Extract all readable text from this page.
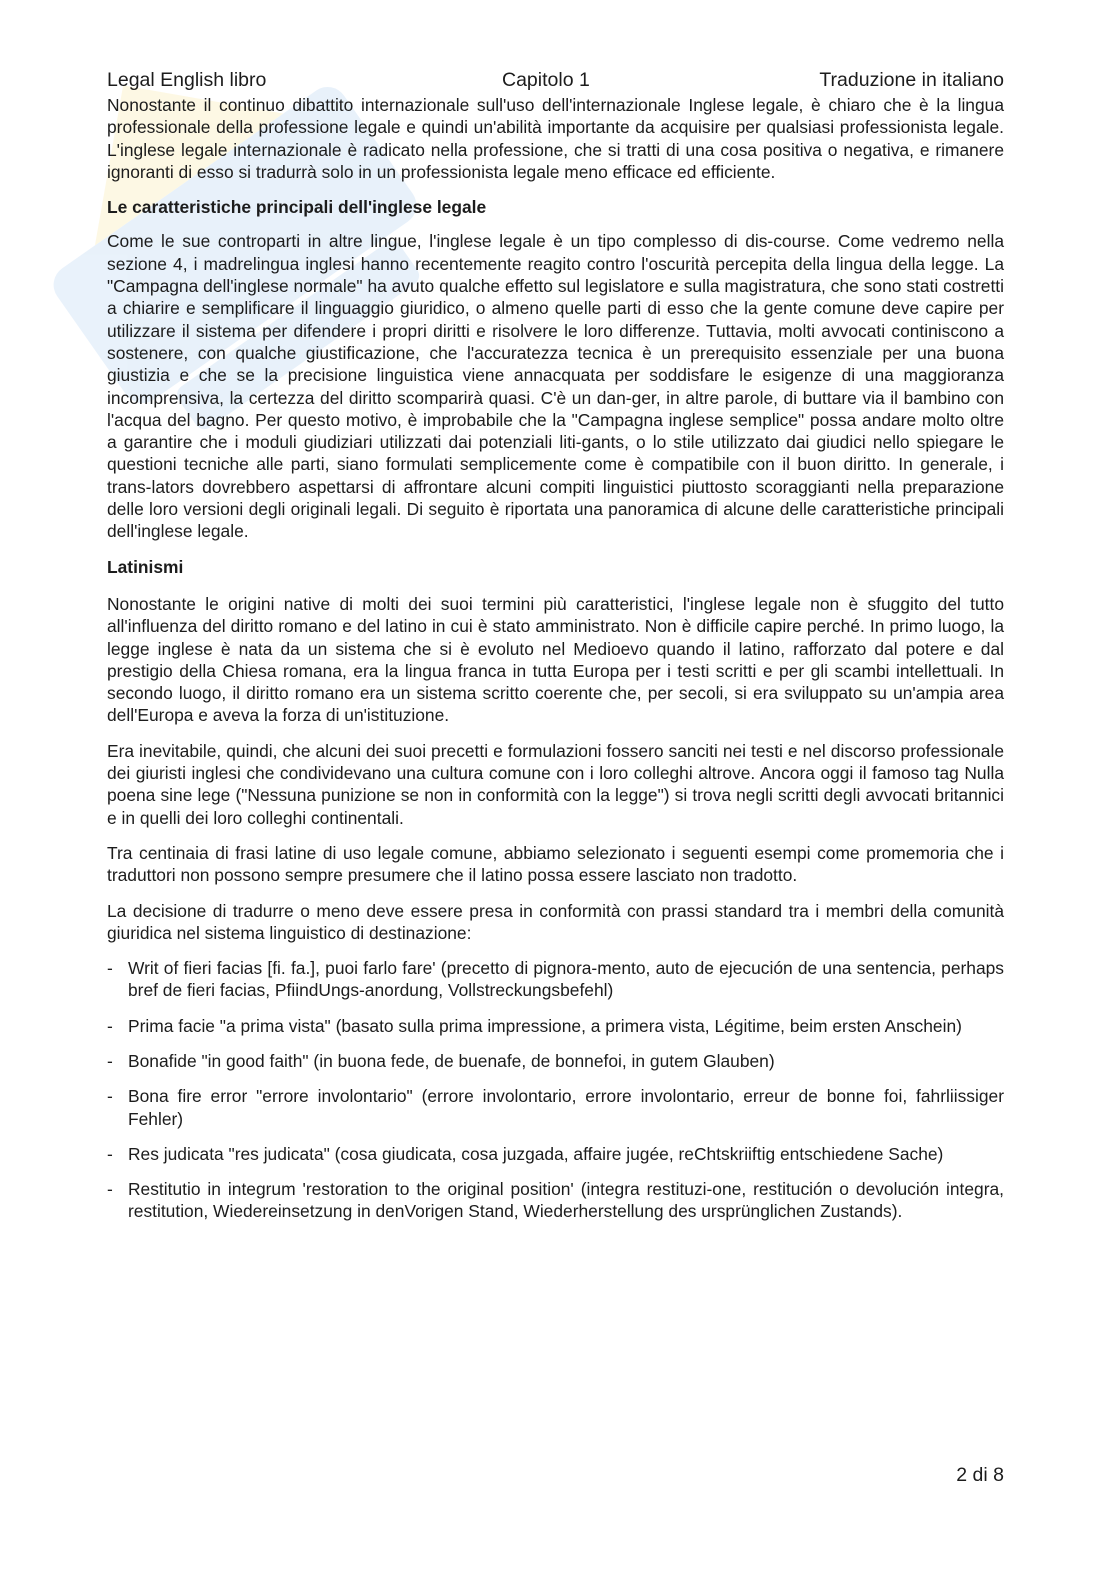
Legal English libro	Capitolo 1	Traduzione in italiano

Nonostante il continuo dibattito internazionale sull'uso dell'internazionale Inglese legale, è chiaro che è la lingua professionale della professione legale e quindi un'abilità importante da acquisire per qualsiasi professionista legale. L'inglese legale internazionale è radicato nella professione, che si tratti di una cosa positiva o negativa, e rimanere ignoranti di esso si tradurrà solo in un professionista legale meno efficace ed efficiente.

Le caratteristiche principali dell'inglese legale

Come le sue controparti in altre lingue, l'inglese legale è un tipo complesso di dis-course. Come vedremo nella sezione 4, i madrelingua inglesi hanno recentemente reagito contro l'oscurità percepita della lingua della legge. La "Campagna dell'inglese normale" ha avuto qualche effetto sul legislatore e sulla magistratura, che sono stati costretti a chiarire e semplificare il linguaggio giuridico, o almeno quelle parti di esso che la gente comune deve capire per utilizzare il sistema per difendere i propri diritti e risolvere le loro differenze. Tuttavia, molti avvocati continiscono a sostenere, con qualche giustificazione, che l'accuratezza tecnica è un prerequisito essenziale per una buona giustizia e che se la precisione linguistica viene annacquata per soddisfare le esigenze di una maggioranza incomprensiva, la certezza del diritto scomparirà quasi. C'è un dan-ger, in altre parole, di buttare via il bambino con l'acqua del bagno. Per questo motivo, è improbabile che la "Campagna inglese semplice" possa andare molto oltre a garantire che i moduli giudiziari utilizzati dai potenziali liti-gants, o lo stile utilizzato dai giudici nello spiegare le questioni tecniche alle parti, siano formulati semplicemente come è compatibile con il buon diritto. In generale, i trans-lators dovrebbero aspettarsi di affrontare alcuni compiti linguistici piuttosto scoraggianti nella preparazione delle loro versioni degli originali legali. Di seguito è riportata una panoramica di alcune delle caratteristiche principali dell'inglese legale.

Latinismi

Nonostante le origini native di molti dei suoi termini più caratteristici, l'inglese legale non è sfuggito del tutto all'influenza del diritto romano e del latino in cui è stato amministrato. Non è difficile capire perché. In primo luogo, la legge inglese è nata da un sistema che si è evoluto nel Medioevo quando il latino, rafforzato dal potere e dal prestigio della Chiesa romana, era la lingua franca in tutta Europa per i testi scritti e per gli scambi intellettuali. In secondo luogo, il diritto romano era un sistema scritto coerente che, per secoli, si era sviluppato su un'ampia area dell'Europa e aveva la forza di un'istituzione.

Era inevitabile, quindi, che alcuni dei suoi precetti e formulazioni fossero sanciti nei testi e nel discorso professionale dei giuristi inglesi che condividevano una cultura comune con i loro colleghi altrove. Ancora oggi il famoso tag Nulla poena sine lege ("Nessuna punizione se non in conformità con la legge") si trova negli scritti degli avvocati britannici e in quelli dei loro colleghi continentali.

Tra centinaia di frasi latine di uso legale comune, abbiamo selezionato i seguenti esempi come promemoria che i traduttori non possono sempre presumere che il latino possa essere lasciato non tradotto.

La decisione di tradurre o meno deve essere presa in conformità con prassi standard tra i membri della comunità giuridica nel sistema linguistico di destinazione:

- Writ of fieri facias [fi. fa.], puoi farlo fare' (precetto di pignora-mento, auto de ejecución de una sentencia, perhaps bref de fieri facias, PfiindUngs-anordung, Vollstreckungsbefehl)
- Prima facie "a prima vista" (basato sulla prima impressione, a primera vista, Légitime, beim ersten Anschein)
- Bonafide "in good faith" (in buona fede, de buenafe, de bonnefoi, in gutem Glauben)
- Bona fire error "errore involontario" (errore involontario, errore involontario, erreur de bonne foi, fahrliissiger Fehler)
- Res judicata "res judicata" (cosa giudicata, cosa juzgada, affaire jugée, reChtskriiftig entschiedene Sache)
- Restitutio in integrum 'restoration to the original position' (integra restituzi-one, restitución o devolución integra, restitution, Wiedereinsetzung in denVorigen Stand, Wiederherstellung des ursprünglichen Zustands).
2 di 8
